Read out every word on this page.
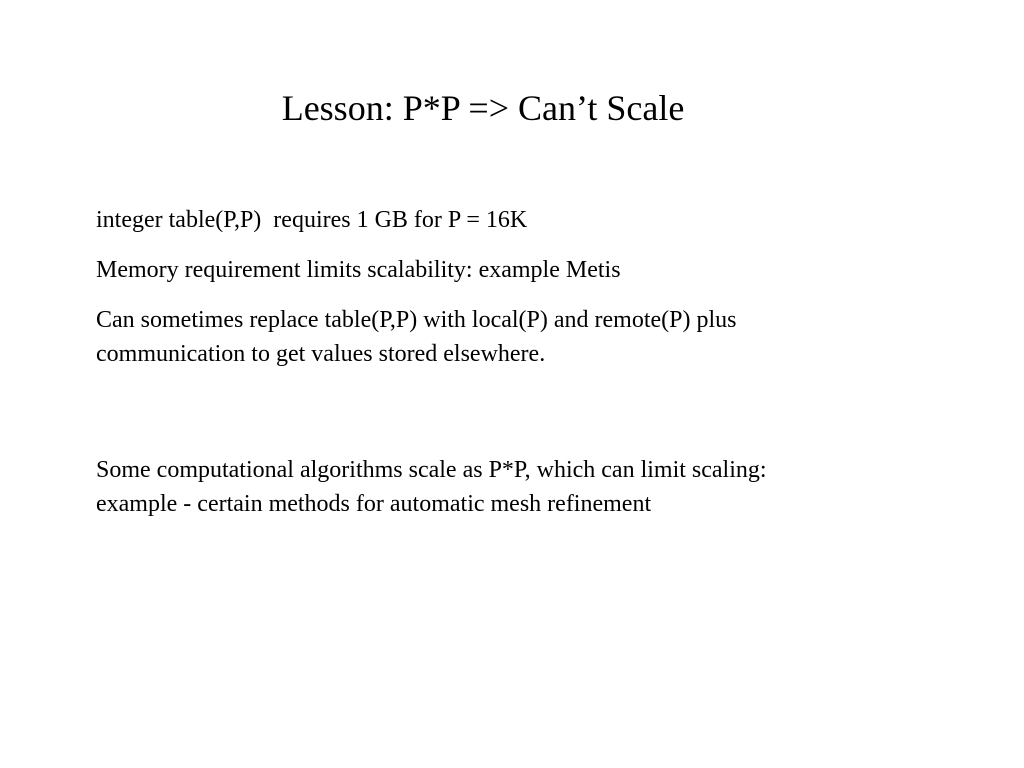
Lesson: P*P => Can’t Scale

integer table(P,P)  requires 1 GB for P = 16K

Memory requirement limits scalability: example Metis

Can sometimes replace table(P,P) with local(P) and remote(P) plus
communication to get values stored elsewhere.

Some computational algorithms scale as P*P, which can limit scaling:
example - certain methods for automatic mesh refinement
